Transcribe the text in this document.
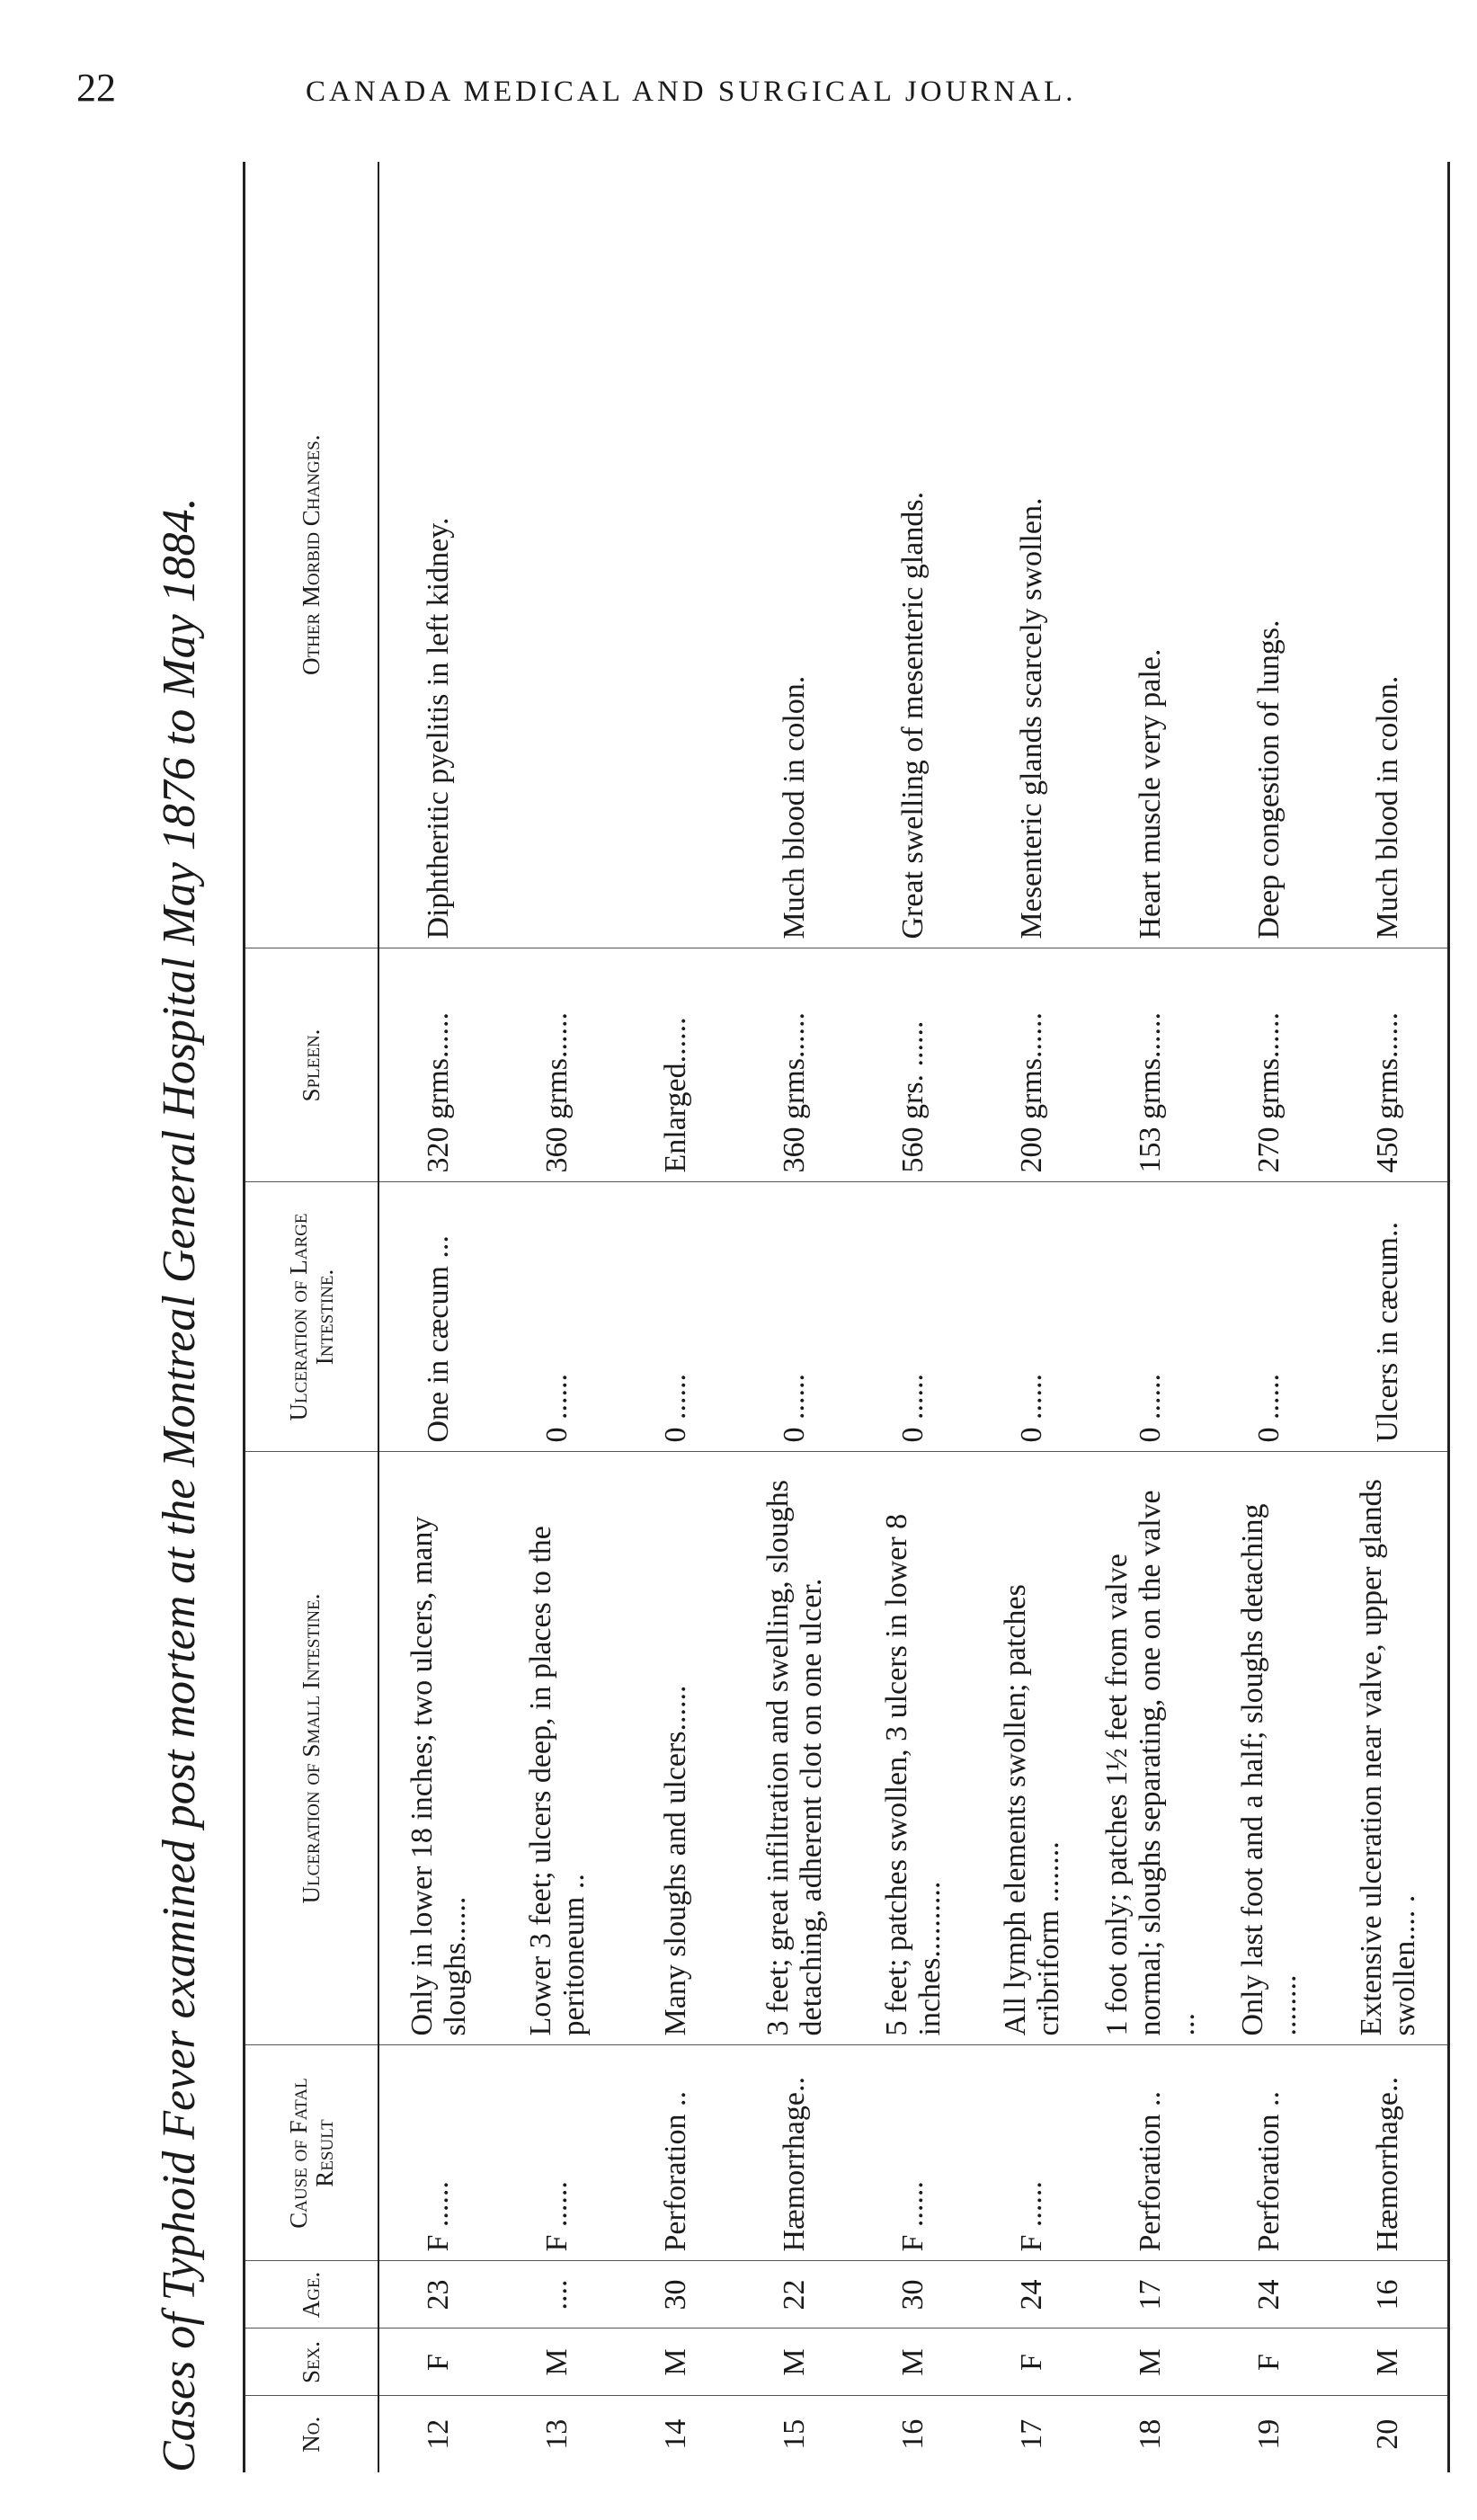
22	CANADA MEDICAL AND SURGICAL JOURNAL.
Cases of Typhoid Fever examined post mortem at the Montreal General Hospital May 1876 to May 1884.	No.	Sex.	Age.	Cause of Fatal Result	Ulceration of Small Intestine.	Ulceration of Large Intestine.	Spleen.	Other Morbid Changes.
12	F	23	F ......	Only in lower 18 inches; two ulcers, many sloughs......	One in cæcum ...	320 grms......	Diphtheritic pyelitis in left kidney.
13	M	....	F ......	Lower 3 feet; ulcers deep, in places to the peritoneum ..	0 ......	360 grms......	
14	M	30	Perforation ..	Many sloughs and ulcers......	0 ......	Enlarged......	
15	M	22	Hæmorrhage..	3 feet; great infiltration and swelling, sloughs detaching, adherent clot on one ulcer.	0 ......	360 grms......	Much blood in colon.
16	M	30	F ......	5 feet; patches swollen, 3 ulcers in lower 8 inches..........	0 ......	560 grs. ......	Great swelling of mesenteric glands.
17	F	24	F ......	All lymph elements swollen; patches cribriform ........	0 ......	200 grms......	Mesenteric glands scarcely swollen.
18	M	17	Perforation ..	1 foot only; patches 1½ feet from valve normal; sloughs separating, one on the valve ...	0 ......	153 grms......	Heart muscle very pale.
19	F	24	Perforation ..	Only last foot and a half; sloughs detaching ........	0 ......	270 grms......	Deep congestion of lungs.
20	M	16	Hæmorrhage..	Extensive ulceration near valve, upper glands swollen.... .	Ulcers in cæcum..	450 grms......	Much blood in colon.
